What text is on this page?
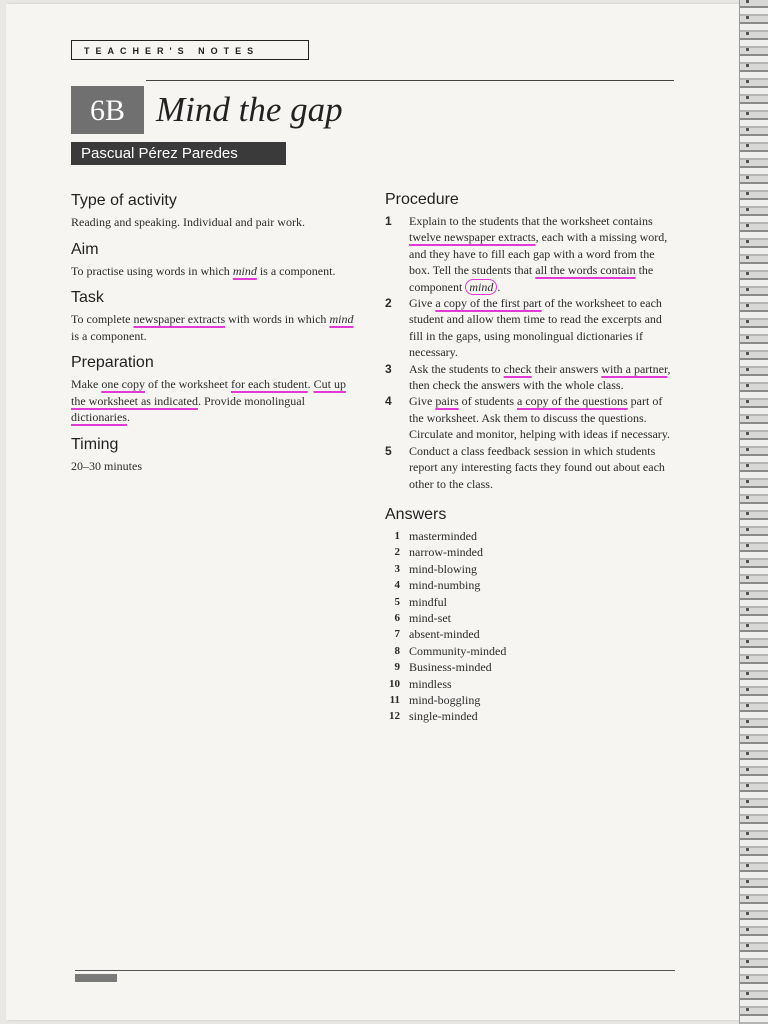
TEACHER'S NOTES
6B Mind the gap
Pascual Pérez Paredes
Type of activity

Reading and speaking. Individual and pair work.

Aim

To practise using words in which mind is a component.

Task

To complete newspaper extracts with words in which mind is a component.

Preparation

Make one copy of the worksheet for each student. Cut up the worksheet as indicated. Provide monolingual dictionaries.

Timing

20–30 minutes

Procedure
1 Explain to the students that the worksheet contains twelve newspaper extracts, each with a missing word, and they have to fill each gap with a word from the box. Tell the students that all the words contain the component mind .
2 Give a copy of the first part of the worksheet to each student and allow them time to read the excerpts and fill in the gaps, using monolingual dictionaries if necessary.
3 Ask the students to check their answers with a partner, then check the answers with the whole class.
4 Give pairs of students a copy of the questions part of the worksheet. Ask them to discuss the questions. Circulate and monitor, helping with ideas if necessary.
5 Conduct a class feedback session in which students report any interesting facts they found out about each other to the class.
Answers
1 masterminded
2 narrow-minded
3 mind-blowing
4 mind-numbing
5 mindful
6 mind-set
7 absent-minded
8 Community-minded
9 Business-minded
10 mindless
11 mind-boggling
12 single-minded
